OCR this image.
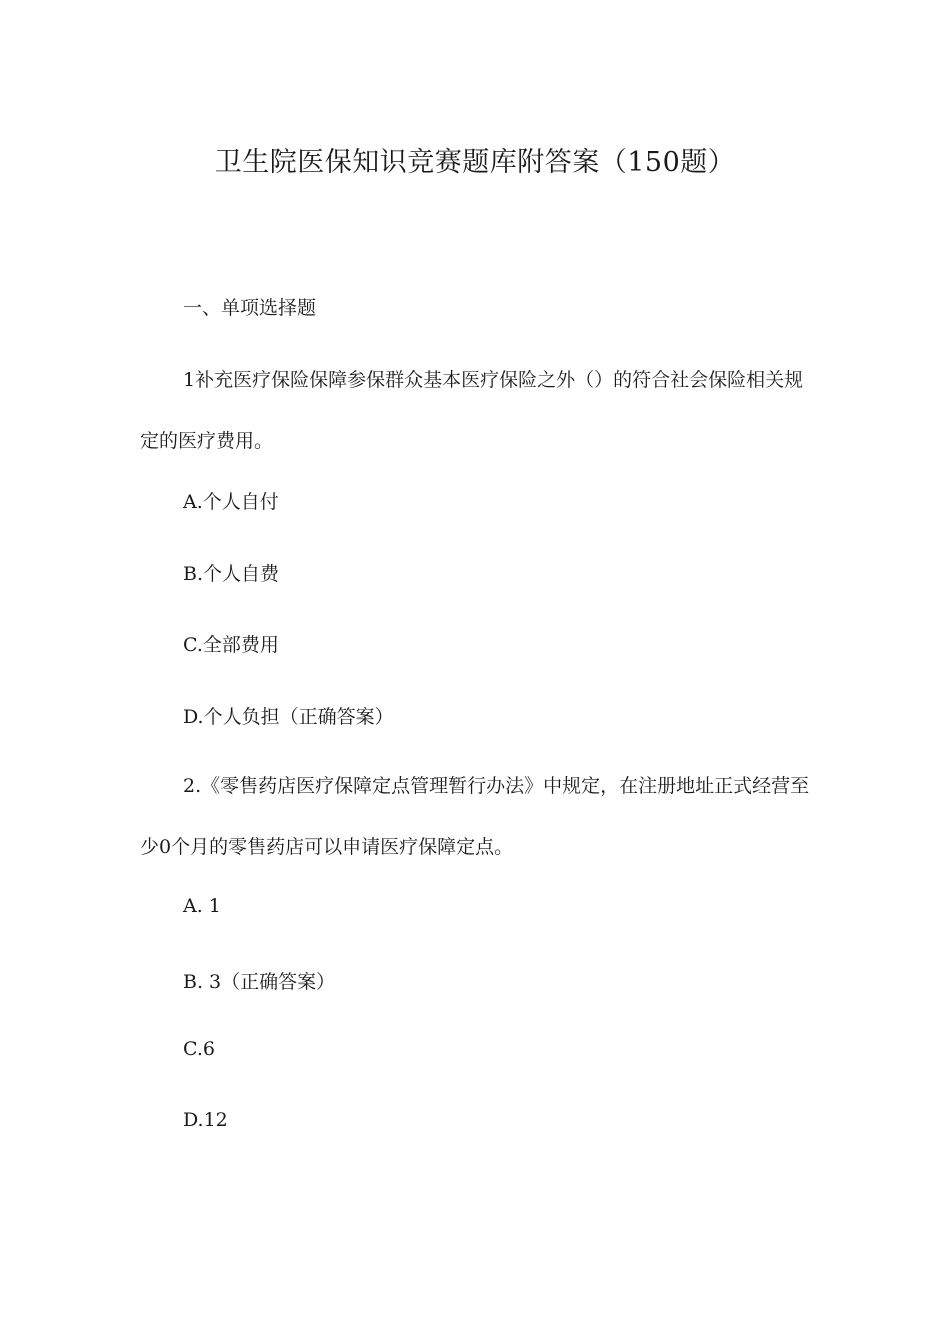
卫生院医保知识竞赛题库附答案（150题）

一、单项选择题

1补充医疗保险保障参保群众基本医疗保险之外（）的符合社会保险相关规定的医疗费用。

A.个人自付

B.个人自费

C.全部费用

D.个人负担（正确答案）

2.《零售药店医疗保障定点管理暂行办法》中规定，在注册地址正式经营至少0个月的零售药店可以申请医疗保障定点。

A. 1

B. 3（正确答案）

C.6

D.12
